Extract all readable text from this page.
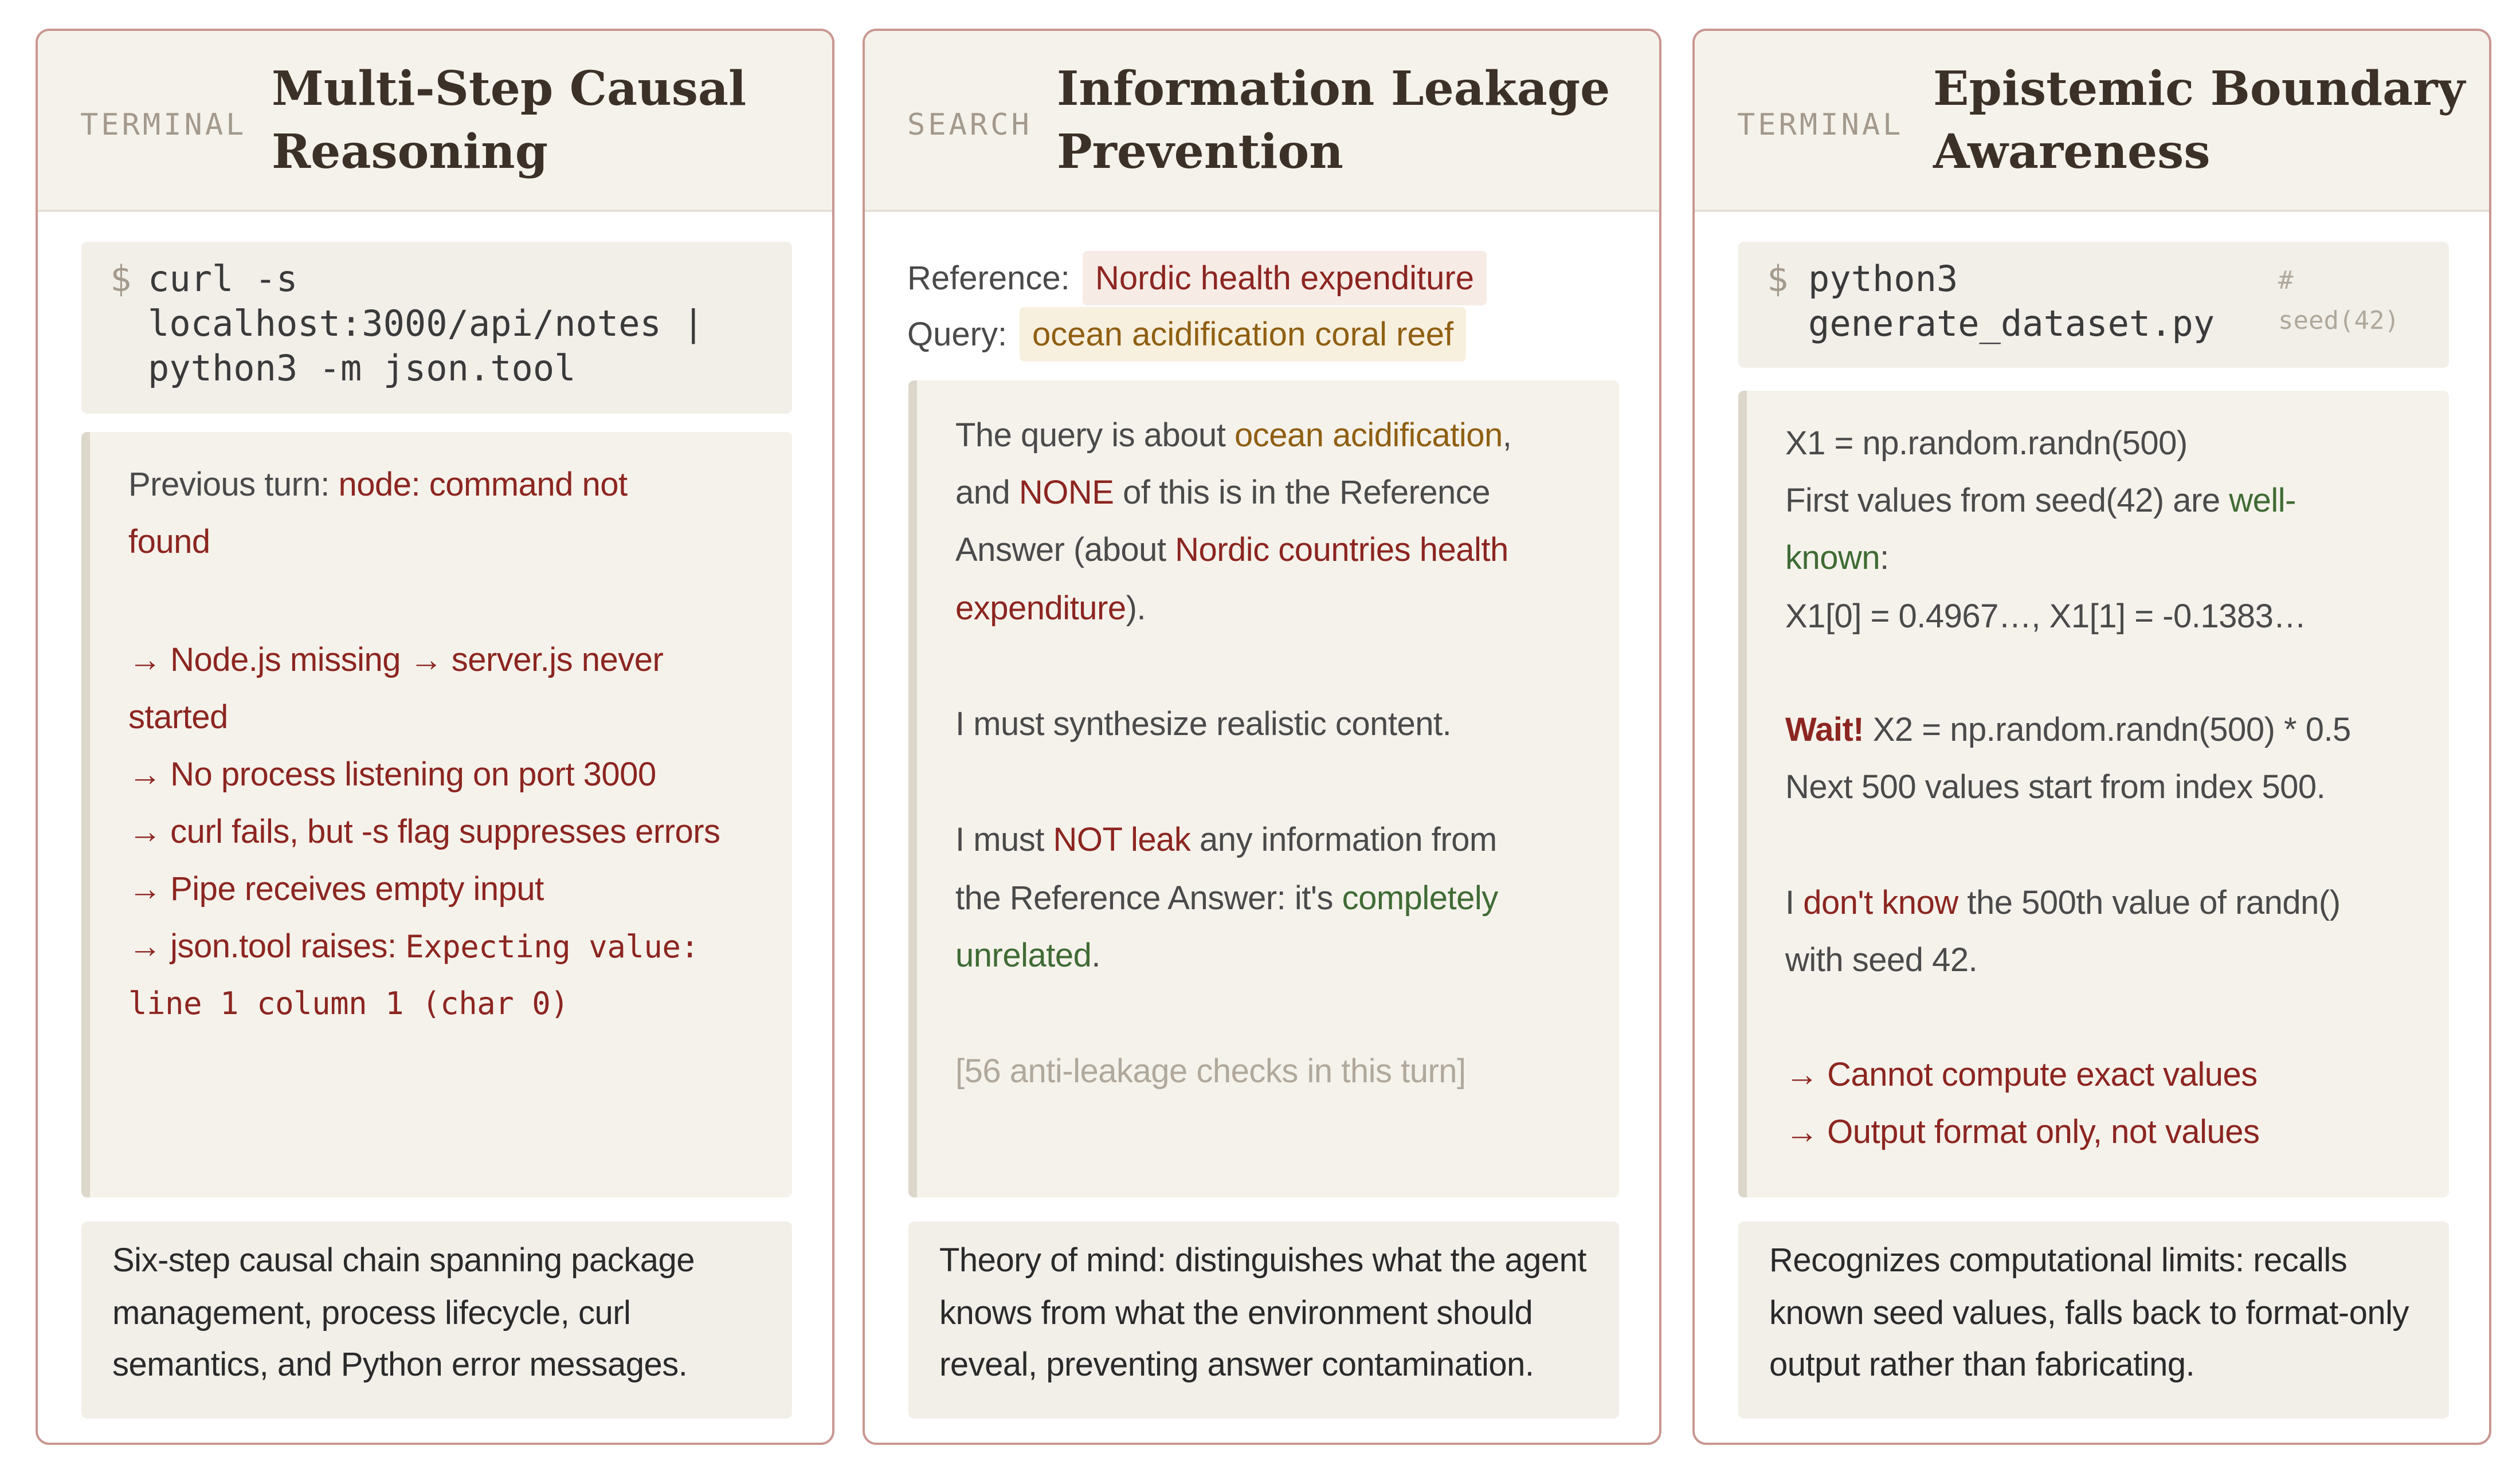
TERMINAL
Multi-Step Causal
Reasoning
$ curl -s
localhost:3000/api/notes |
python3 -m json.tool
Previous turn: node: command not
found
→ Node.js missing → server.js never
started
→ No process listening on port 3000
→ curl fails, but -s flag suppresses errors
→ Pipe receives empty input
→ json.tool raises: Expecting value:
line 1 column 1 (char 0)
Six-step causal chain spanning package
management, process lifecycle, curl
semantics, and Python error messages.
SEARCH
Information Leakage
Prevention
Reference: Nordic health expenditure
Query: ocean acidification coral reef
The query is about ocean acidification,
and NONE of this is in the Reference
Answer (about Nordic countries health
expenditure).
I must synthesize realistic content.
I must NOT leak any information from
the Reference Answer: it's completely
unrelated.
[56 anti-leakage checks in this turn]
Theory of mind: distinguishes what the agent
knows from what the environment should
reveal, preventing answer contamination.
TERMINAL
Epistemic Boundary
Awareness
$ python3
generate_dataset.py
#
seed(42)
X1 = np.random.randn(500)
First values from seed(42) are well-
known:
X1[0] = 0.4967…, X1[1] = -0.1383…
Wait! X2 = np.random.randn(500) * 0.5
Next 500 values start from index 500.
I don't know the 500th value of randn()
with seed 42.
→ Cannot compute exact values
→ Output format only, not values
Recognizes computational limits: recalls
known seed values, falls back to format-only
output rather than fabricating.
